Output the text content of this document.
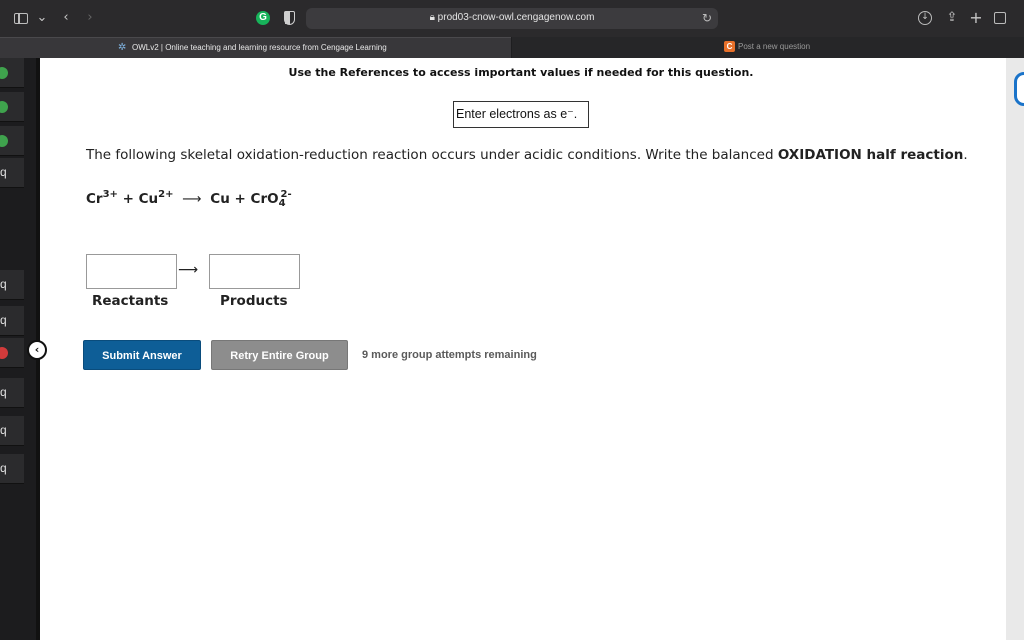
⌄	‹	›	G	🔒︎ prod03-cnow-owl.cengagenow.com	↻	↓ ⇪ +
✲ OWLv2 | Online teaching and learning resource from Cengage Learning	C Post a new question
q
q
q
q
q
q
‹
Use the References to access important values if needed for this question.
Enter electrons as e⁻.
The following skeletal oxidation-reduction reaction occurs under acidic conditions. Write the balanced OXIDATION half reaction.
$Cr^{3+} + Cu^{2+}$ ⟶ Cu + CrO$_4^{2-}$
⟶
Reactants	Products
Submit Answer	Retry Entire Group	9 more group attempts remaining
